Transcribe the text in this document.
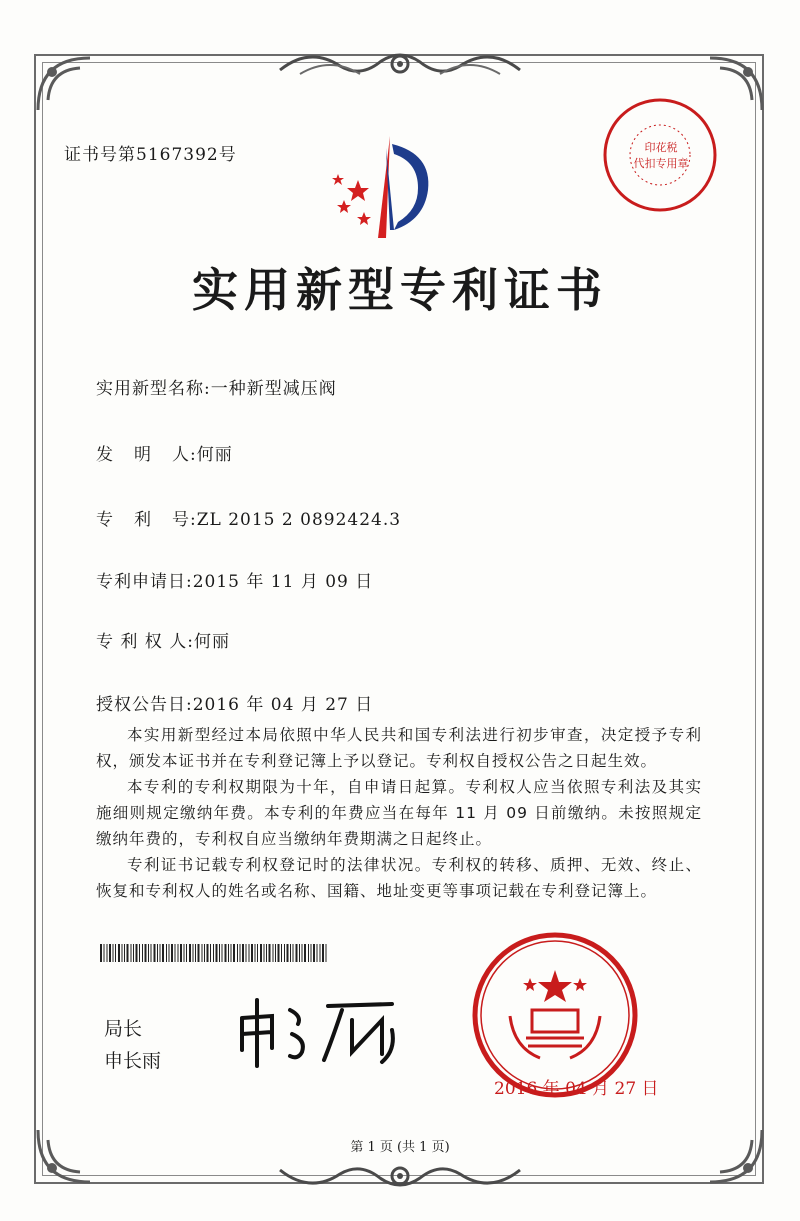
证书号第5167392号	印花税
代扣专用章
实用新型专利证书
实用新型名称:一种新型减压阀
发 明 人 :何丽
专 利 号 :ZL 2015 2 0892424.3
专利申请日:2015 年 11 月 09 日
专 利 权 人:何丽
授权公告日:2016 年 04 月 27 日
本实用新型经过本局依照中华人民共和国专利法进行初步审查，决定授予专利权，颁发本证书并在专利登记簿上予以登记。专利权自授权公告之日起生效。
本专利的专利权期限为十年，自申请日起算。专利权人应当依照专利法及其实施细则规定缴纳年费。本专利的年费应当在每年 11 月 09 日前缴纳。未按照规定缴纳年费的，专利权自应当缴纳年费期满之日起终止。
专利证书记载专利权登记时的法律状况。专利权的转移、质押、无效、终止、恢复和专利权人的姓名或名称、国籍、地址变更等事项记载在专利登记簿上。
局长
申长雨
2016 年 04 月 27 日
第 1 页 (共 1 页)
